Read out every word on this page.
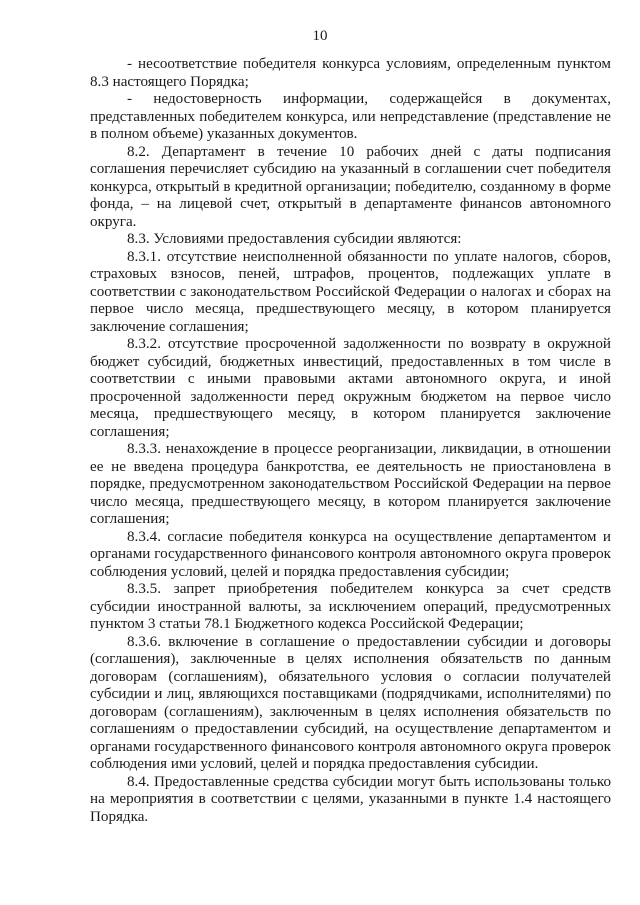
10

- несоответствие победителя конкурса условиям, определенным пунктом 8.3 настоящего Порядка;

- недостоверность информации, содержащейся в документах, представленных победителем конкурса, или непредставление (представление не в полном объеме) указанных документов.

8.2. Департамент в течение 10 рабочих дней с даты подписания соглашения перечисляет субсидию на указанный в соглашении счет победителя конкурса, открытый в кредитной организации; победителю, созданному в форме фонда, – на лицевой счет, открытый в департаменте финансов автономного округа.

8.3. Условиями предоставления субсидии являются:

8.3.1. отсутствие неисполненной обязанности по уплате налогов, сборов, страховых взносов, пеней, штрафов, процентов, подлежащих уплате в соответствии с законодательством Российской Федерации о налогах и сборах на первое число месяца, предшествующего месяцу, в котором планируется заключение соглашения;

8.3.2. отсутствие просроченной задолженности по возврату в окружной бюджет субсидий, бюджетных инвестиций, предоставленных в том числе в соответствии с иными правовыми актами автономного округа, и иной просроченной задолженности перед окружным бюджетом на первое число месяца, предшествующего месяцу, в котором планируется заключение соглашения;

8.3.3. ненахождение в процессе реорганизации, ликвидации, в отношении ее не введена процедура банкротства, ее деятельность не приостановлена в порядке, предусмотренном законодательством Российской Федерации на первое число месяца, предшествующего месяцу, в котором планируется заключение соглашения;

8.3.4. согласие победителя конкурса на осуществление департаментом и органами государственного финансового контроля автономного округа проверок соблюдения условий, целей и порядка предоставления субсидии;

8.3.5. запрет приобретения победителем конкурса за счет средств субсидии иностранной валюты, за исключением операций, предусмотренных пунктом 3 статьи 78.1 Бюджетного кодекса Российской Федерации;

8.3.6. включение в соглашение о предоставлении субсидии и договоры (соглашения), заключенные в целях исполнения обязательств по данным договорам (соглашениям), обязательного условия о согласии получателей субсидии и лиц, являющихся поставщиками (подрядчиками, исполнителями) по договорам (соглашениям), заключенным в целях исполнения обязательств по соглашениям о предоставлении субсидий, на осуществление департаментом и органами государственного финансового контроля автономного округа проверок соблюдения ими условий, целей и порядка предоставления субсидии.

8.4. Предоставленные средства субсидии могут быть использованы только на мероприятия в соответствии с целями, указанными в пункте 1.4 настоящего Порядка.
